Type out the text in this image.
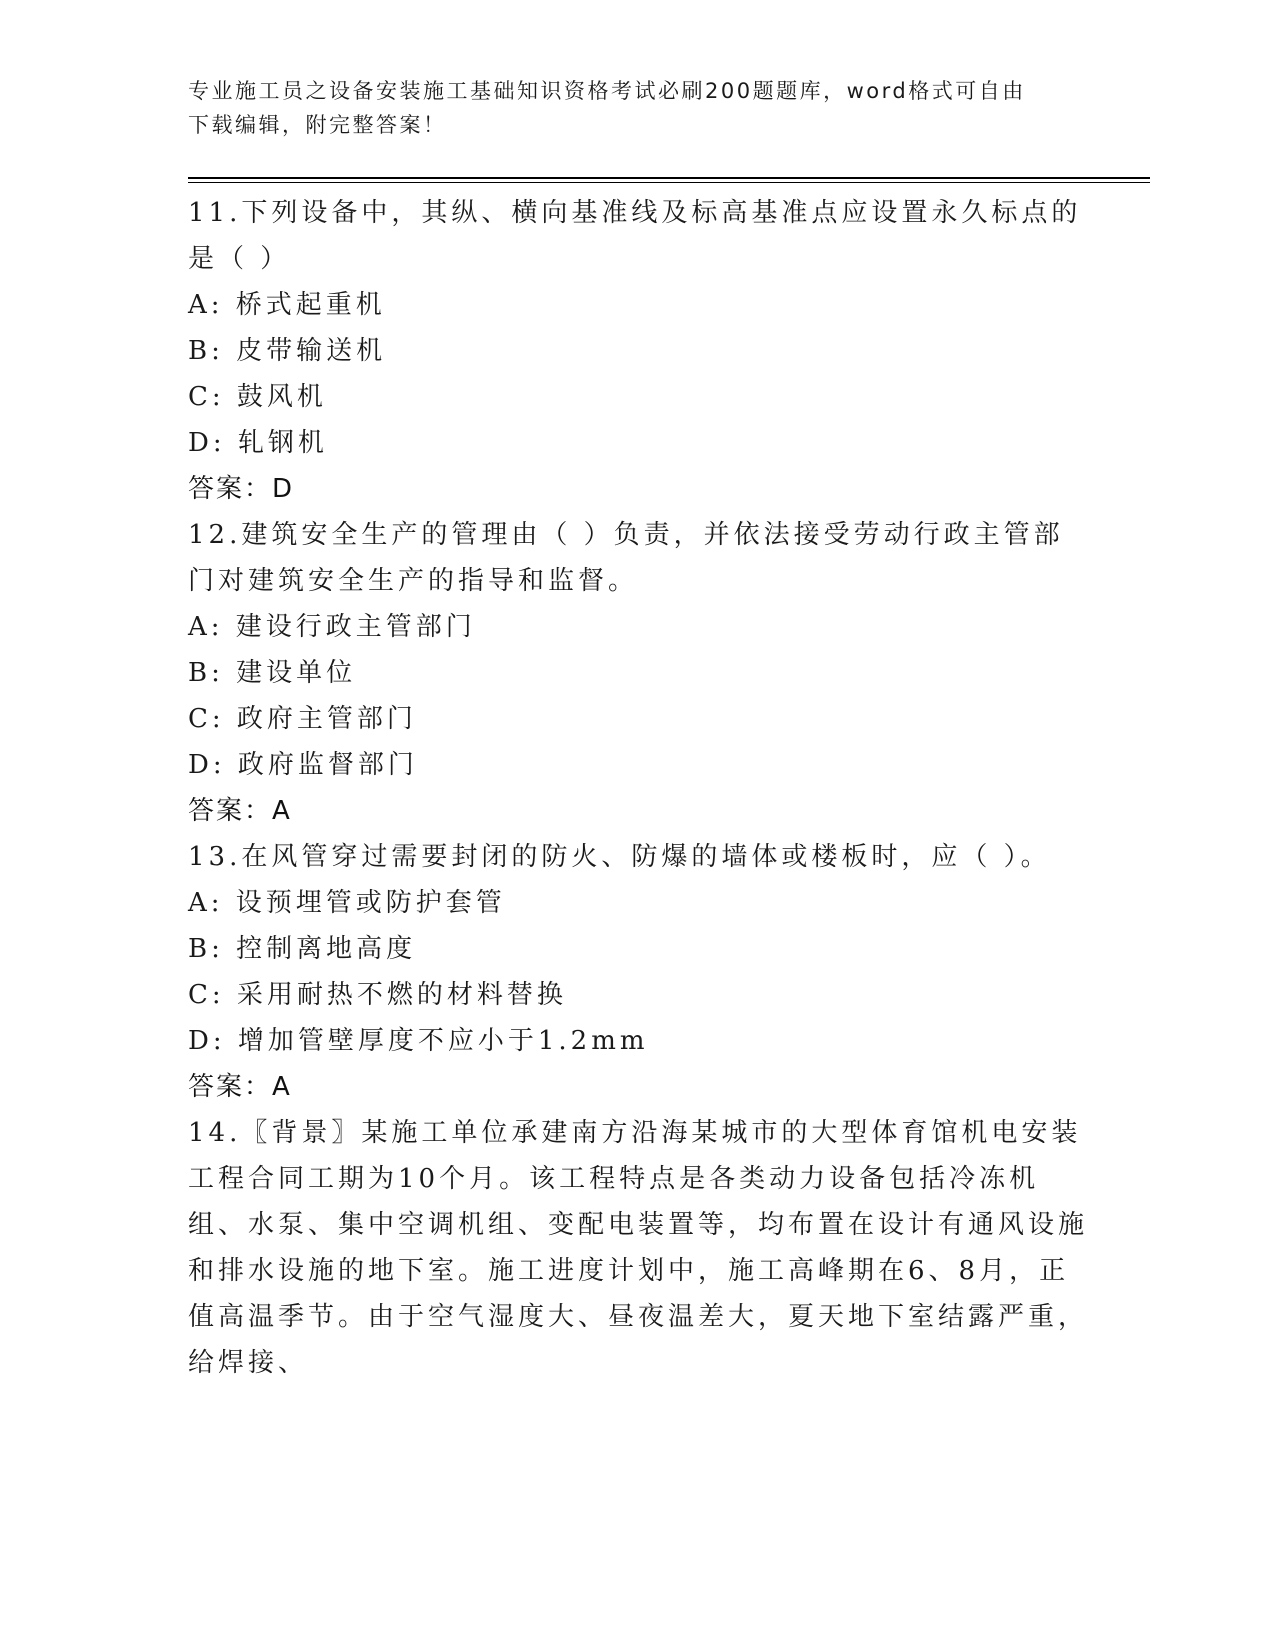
专业施工员之设备安装施工基础知识资格考试必刷200题题库，word格式可自由
下载编辑，附完整答案！
11.下列设备中，其纵、横向基准线及标高基准点应设置永久标点的是（ ）
A: 桥式起重机
B: 皮带输送机
C: 鼓风机
D: 轧钢机
答案：D
12.建筑安全生产的管理由（ ）负责，并依法接受劳动行政主管部门对建筑安全生产的指导和监督。
A: 建设行政主管部门
B: 建设单位
C: 政府主管部门
D: 政府监督部门
答案：A
13.在风管穿过需要封闭的防火、防爆的墙体或楼板时，应（ ）。
A: 设预埋管或防护套管
B: 控制离地高度
C: 采用耐热不燃的材料替换
D: 增加管壁厚度不应小于1.2mm
答案：A
14.〖背景〗某施工单位承建南方沿海某城市的大型体育馆机电安装工程合同工期为10个月。该工程特点是各类动力设备包括冷冻机组、水泵、集中空调机组、变配电装置等，均布置在设计有通风设施和排水设施的地下室。施工进度计划中，施工高峰期在6、8月，正值高温季节。由于空气湿度大、昼夜温差大，夏天地下室结露严重，给焊接、
